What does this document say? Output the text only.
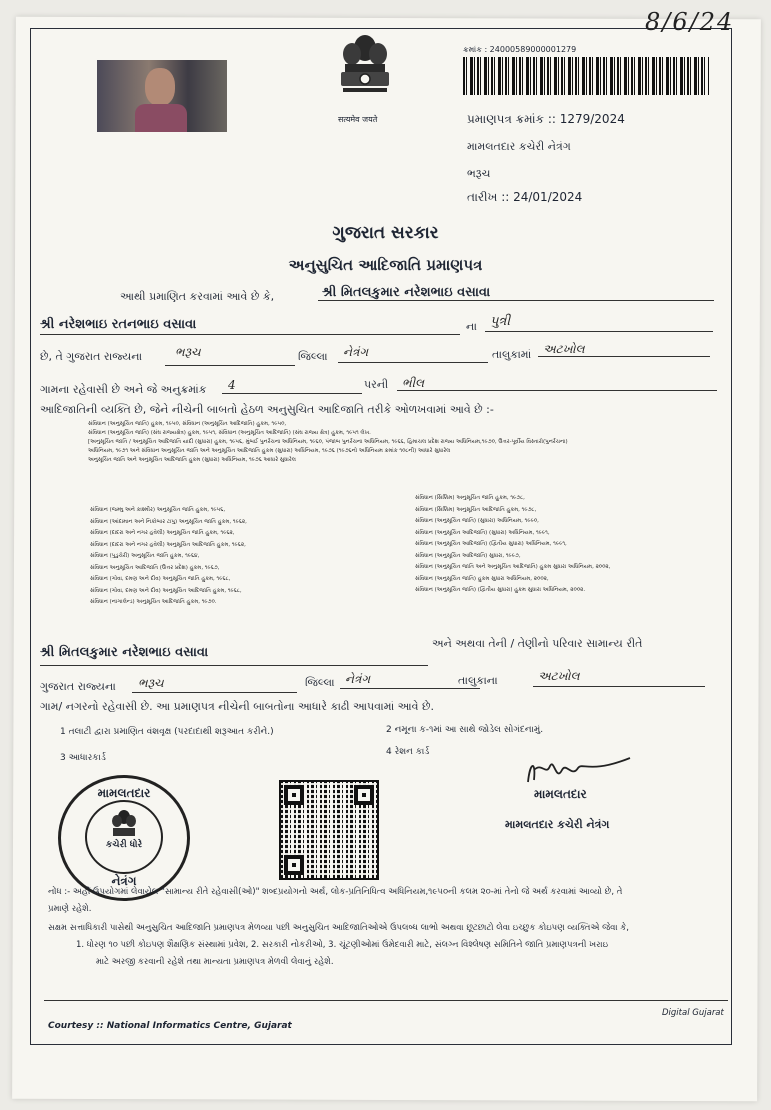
8/6/24
सत्यमेव जयते
ક્રમાંક : 24000589000001279
પ્રમાણપત્ર ક્રમાંક :: 1279/2024
મામલતદાર કચેરી નેત્રંગ
ભરૂચ
તારીખ :: 24/01/2024
ગુજરાત સરકાર
અનુસુચિત આદિજાતિ પ્રમાણપત્ર
આથી પ્રમાણિત કરવામાં આવે છે કે,	શ્રી મિતલકુમાર નરેશભાઇ વસાવા
શ્રી નરેશભાઇ રતનભાઇ વસાવા	ના પુત્રી
છે, તે ગુજરાત રાજ્યના	ભરૂચ	જિલ્લા નેત્રંગ	તાલુકામાં અટખોલ
ગામના રહેવાસી છે અને જે અનુક્રમાંક 4	પરની ભીલ
આદિજાતિની વ્યક્તિ છે, જેને નીચેની બાબતો હેઠળ અનુસુચિત આદિજાતિ તરીકે ઓળખવામાં આવે છે :-
સંવિધાન (અનુસૂચિત જાતિ) હુકમ, ૧૯૫૦, સંવિધાન (અનુસૂચિત આદિજાતિ) હુકમ, ૧૯૫૦,
સંવિધાન (અનુસૂચિત જાતિ) (સંઘ રાજ્યક્ષેત્ર) હુકમ, ૧૯૫૧, સંવિધાન (અનુસૂચિત આદિજાતિ) (સંઘ રાજ્ય ક્ષેત્ર) હુકમ, ૧૯૫૧ લેખ.
[અનુસૂચિત જાતિ / અનુસૂચિત આદિજાતિ યાદી (સુધારા) હુકમ, ૧૯૫૬, મુંબઈ પુનર્રચના અધિનિયમ, ૧૯૬૦, પંજાબ પુનર્રચના અધિનિયમ, ૧૯૬૬, હિમાચલ પ્રદેશ રાજ્ય અધિનિયમ,૧૯૭૦, ઉત્તર-પૂર્વીય વિસ્તારો(પુનર્રચના)
અધિનિયમ, ૧૯૭૧ અને સંવિધાન અનુસૂચિત જાતિ અને અનુસૂચિત આદિજાતિ હુકમ (સુધારા) અધિનિયમ, ૧૯૭૬ (૧૯૭૬નો અધિનિયમ ક્રમાંક ૧૦૮ની) આધારે સુધારેલ
અનુસૂચિત જાતિ અને અનુસૂચિત આદિજાતિ હુકમ (સુધારા) અધિનિયમ, ૧૯૭૬ આધારે સુધારેલ
સંવિધાન (જમ્મુ અને કાશ્મીર) અનુસૂચિત જાતિ હુકમ, ૧૯૫૬,
સંવિધાન (આંદામાન અને નિકોબાર ટાપુ) અનુસૂચિત જાતિ હુકમ, ૧૯૬૨,
સંવિધાન (દાદરા અને નગર હવેલી) અનુસૂચિત જાતિ હુકમ, ૧૯૬૨,
સંવિધાન (દાદરા અને નગર હવેલી) અનુસૂચિત આદિજાતિ હુકમ, ૧૯૬૨,
સંવિધાન (પુડુચેરી) અનુસૂચિત જાતિ હુકમ, ૧૯૬૪,
સંવિધાન અનુસૂચિત આદિજાતિ (ઉત્તર પ્રદેશ) હુકમ, ૧૯૬૭,
સંવિધાન (ગોવા, દમણ અને દીવ) અનુસૂચિત જાતિ હુકમ, ૧૯૬૮,
સંવિધાન (ગોવા, દમણ અને દીવ) અનુસૂચિત આદિજાતિ હુકમ, ૧૯૬૮,
સંવિધાન (નાગાલેન્ડ) અનુસૂચિત આદિજાતિ હુકમ, ૧૯૭૦.
સંવિધાન (સિક્કિમ) અનુસૂચિત જાતિ હુકમ, ૧૯૭૮,
સંવિધાન (સિક્કિમ) અનુસૂચિત આદિજાતિ હુકમ, ૧૯૭૮,
સંવિધાન (અનુસૂચિત જાતિ) (સુધારા) અધિનિયમ, ૧૯૯૦,
સંવિધાન (અનુસૂચિત આદિજાતિ) (સુધારા) અધિનિયમ, ૧૯૯૧,
સંવિધાન (અનુસૂચિત આદિજાતિ) (દ્વિતીય સુધારા) અધિનિયમ, ૧૯૯૧,
સંવિધાન (અનુસૂચિત આદિજાતિ) સુધારા, ૧૯૯૭,
સંવિધાન (અનુસૂચિત જાતિ અને અનુસૂચિત આદિજાતિ) હુકમ સુધારા અધિનિયમ, ૨૦૦૨,
સંવિધાન (અનુસૂચિત જાતિ) હુકમ સુધારા અધિનિયમ, ૨૦૦૨,
સંવિધાન (અનુસૂચિત જાતિ) (દ્વિતીય સુધારા) હુકમ સુધારા અધિનિયમ, ૨૦૦૨.
શ્રી મિતલકુમાર નરેશભાઇ વસાવા
અને અથવા તેની / તેણીનો પરિવાર સામાન્ય રીતે
ગુજરાત રાજ્યના ભરૂચ	જિલ્લા નેત્રંગ	તાલુકાના	અટખોલ
ગામ/ નગરનો રહેવાસી છે. આ પ્રમાણપત્ર નીચેની બાબતોના આધારે કાઢી આપવામાં આવે છે.
1 તલાટી દ્વારા પ્રમાણિત વંશવૃક્ષ (પરદાદાથી શરૂઆત કરીને.)	2 નમૂના ક-૧માં આ સાથે જોડેલ સોગંદનામું.
3 આધારકાર્ડ
4 રેશન કાર્ડ
મામલતદાર
કચેરી ધોરે
નેત્રંગ
મામલતદાર
મામલતદાર કચેરી નેત્રંગ
નોંધ :- અહીં ઉપયોગમાં લેવાયેલ "સામાન્ય રીતે રહેવાસી(ઓ)" શબ્દપ્રયોગનો અર્થ, લોક-પ્રતિનિધિત્વ અધિનિયમ,૧૯૫૦ની કલમ ૨૦-માં તેનો જે અર્થ કરવામાં આવ્યો છે, તે
પ્રમાણે રહેશે.
સક્ષમ સત્તાધિકારી પાસેથી અનુસુચિત આદિજાતિ પ્રમાણપત્ર મેળવ્યા પછી અનુસુચિત આદિજાતિઓએ ઉપલબ્ધ લાભો અથવા છૂટછાટો લેવા ઇચ્છુક કોઇપણ વ્યક્તિએ જેવા કે,
1. ધોરણ ૧૦ પછી કોઇપણ શૈક્ષણિક સંસ્થામાં પ્રવેશ, 2. સરકારી નોકરીઓ, 3. ચૂંટણીઓમાં ઉમેદવારી માટે, સંલગ્ન વિશ્લેષણ સમિતિને જાતિ પ્રમાણપત્રની ખરાઇ
માટે અરજી કરવાની રહેશે તથા માન્યતા પ્રમાણપત્ર મેળવી લેવાનું રહેશે.
Courtesy :: National Informatics Centre, Gujarat
Digital Gujarat
